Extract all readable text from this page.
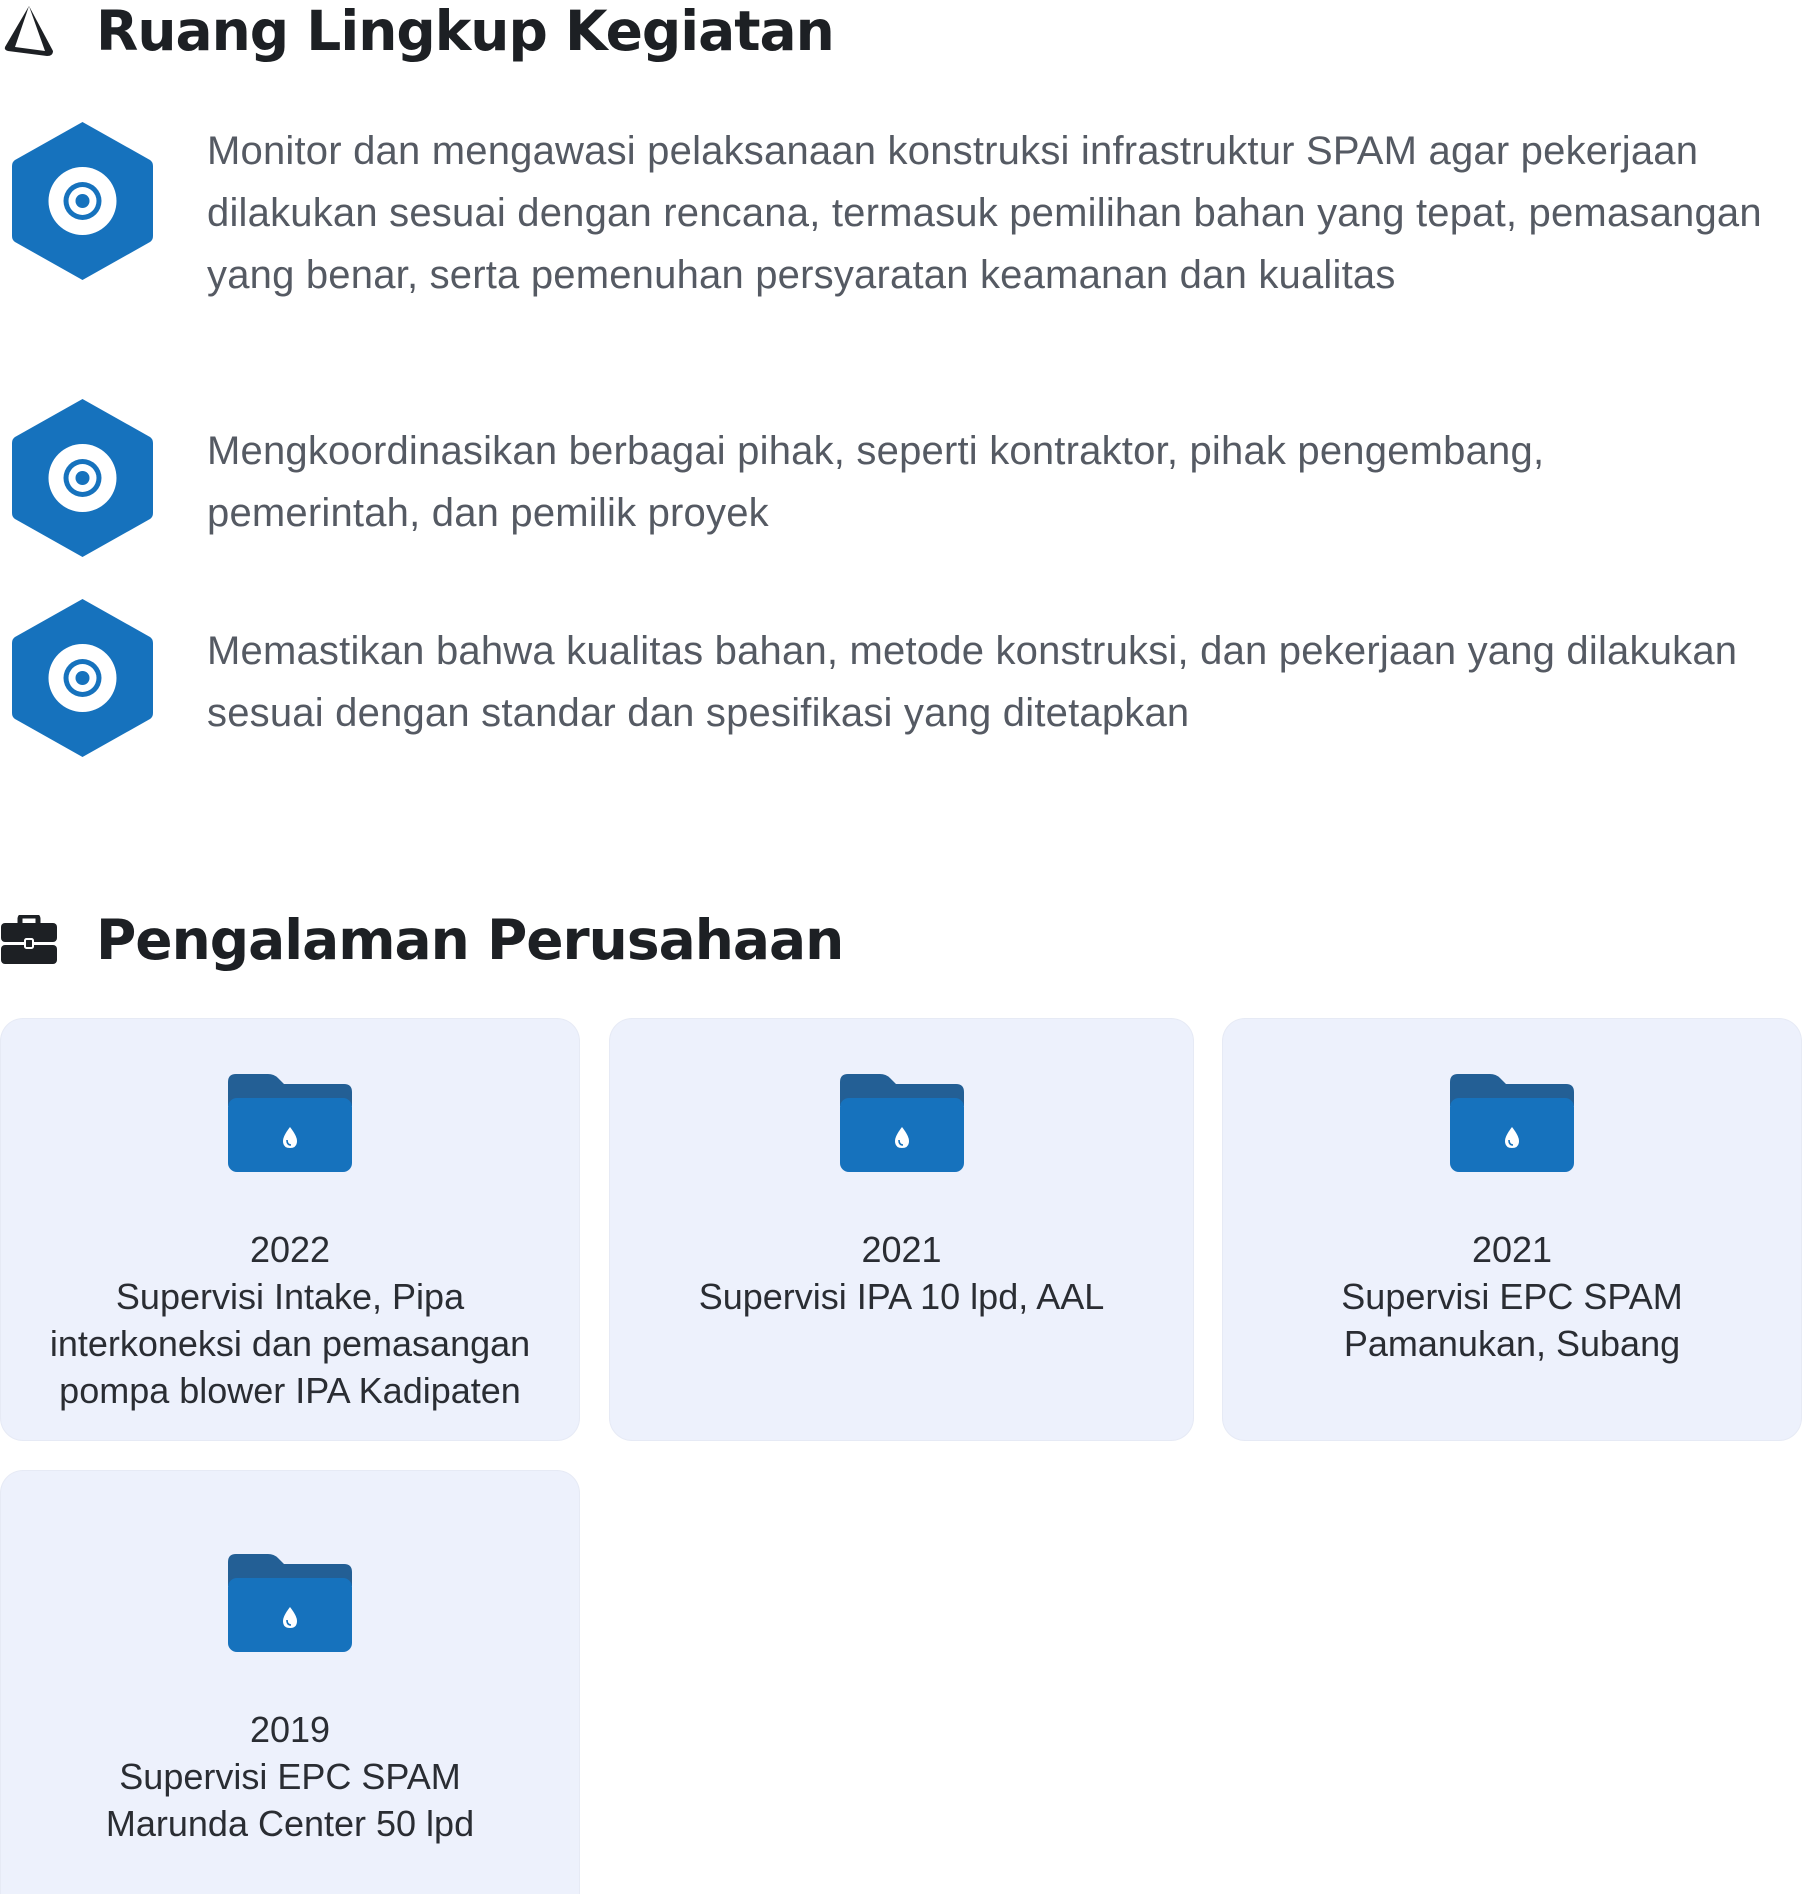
Ruang Lingkup Kegiatan
Monitor dan mengawasi pelaksanaan konstruksi infrastruktur SPAM agar pekerjaan dilakukan sesuai dengan rencana, termasuk pemilihan bahan yang tepat, pemasangan yang benar, serta pemenuhan persyaratan keamanan dan kualitas
Mengkoordinasikan berbagai pihak, seperti kontraktor, pihak pengembang, pemerintah, dan pemilik proyek
Memastikan bahwa kualitas bahan, metode konstruksi, dan pekerjaan yang dilakukan sesuai dengan standar dan spesifikasi yang ditetapkan
Pengalaman Perusahaan
2022
Supervisi Intake, Pipa interkoneksi dan pemasangan pompa blower IPA Kadipaten
2021
Supervisi IPA 10 lpd, AAL
2021
Supervisi EPC SPAM Pamanukan, Subang
2019
Supervisi EPC SPAM Marunda Center 50 lpd
